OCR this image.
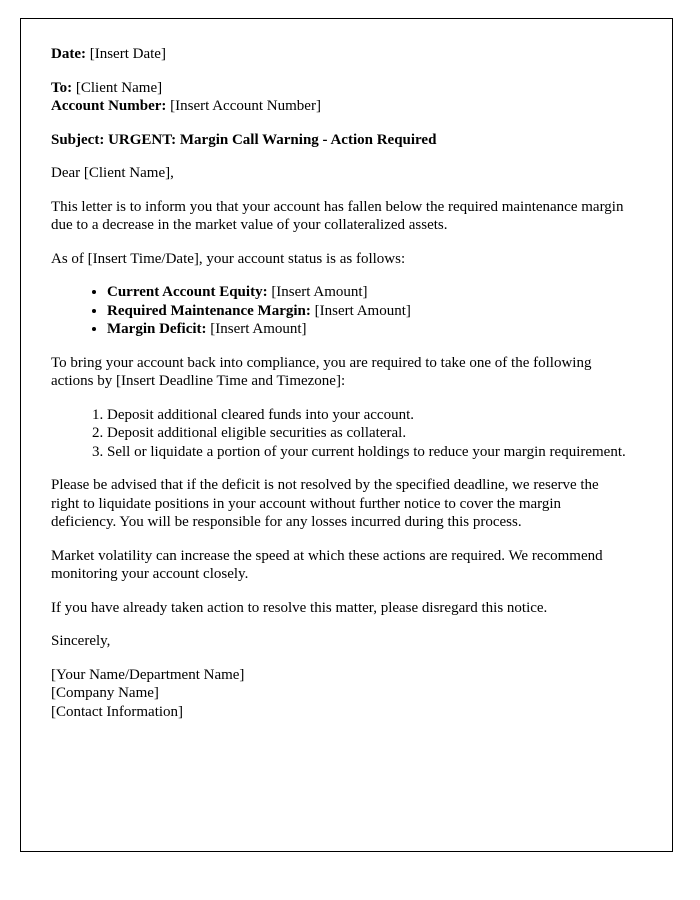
Date: [Insert Date]

To: [Client Name]

Account Number: [Insert Account Number]

Subject: URGENT: Margin Call Warning - Action Required

Dear [Client Name],

This letter is to inform you that your account has fallen below the required maintenance margin due to a decrease in the market value of your collateralized assets.

As of [Insert Time/Date], your account status is as follows:

• Current Account Equity: [Insert Amount]
• Required Maintenance Margin: [Insert Amount]
• Margin Deficit: [Insert Amount]

To bring your account back into compliance, you are required to take one of the following actions by [Insert Deadline Time and Timezone]:

1. Deposit additional cleared funds into your account.
2. Deposit additional eligible securities as collateral.
3. Sell or liquidate a portion of your current holdings to reduce your margin requirement.

Please be advised that if the deficit is not resolved by the specified deadline, we reserve the right to liquidate positions in your account without further notice to cover the margin deficiency. You will be responsible for any losses incurred during this process.

Market volatility can increase the speed at which these actions are required. We recommend monitoring your account closely.

If you have already taken action to resolve this matter, please disregard this notice.

Sincerely,

[Your Name/Department Name]

[Company Name]

[Contact Information]
